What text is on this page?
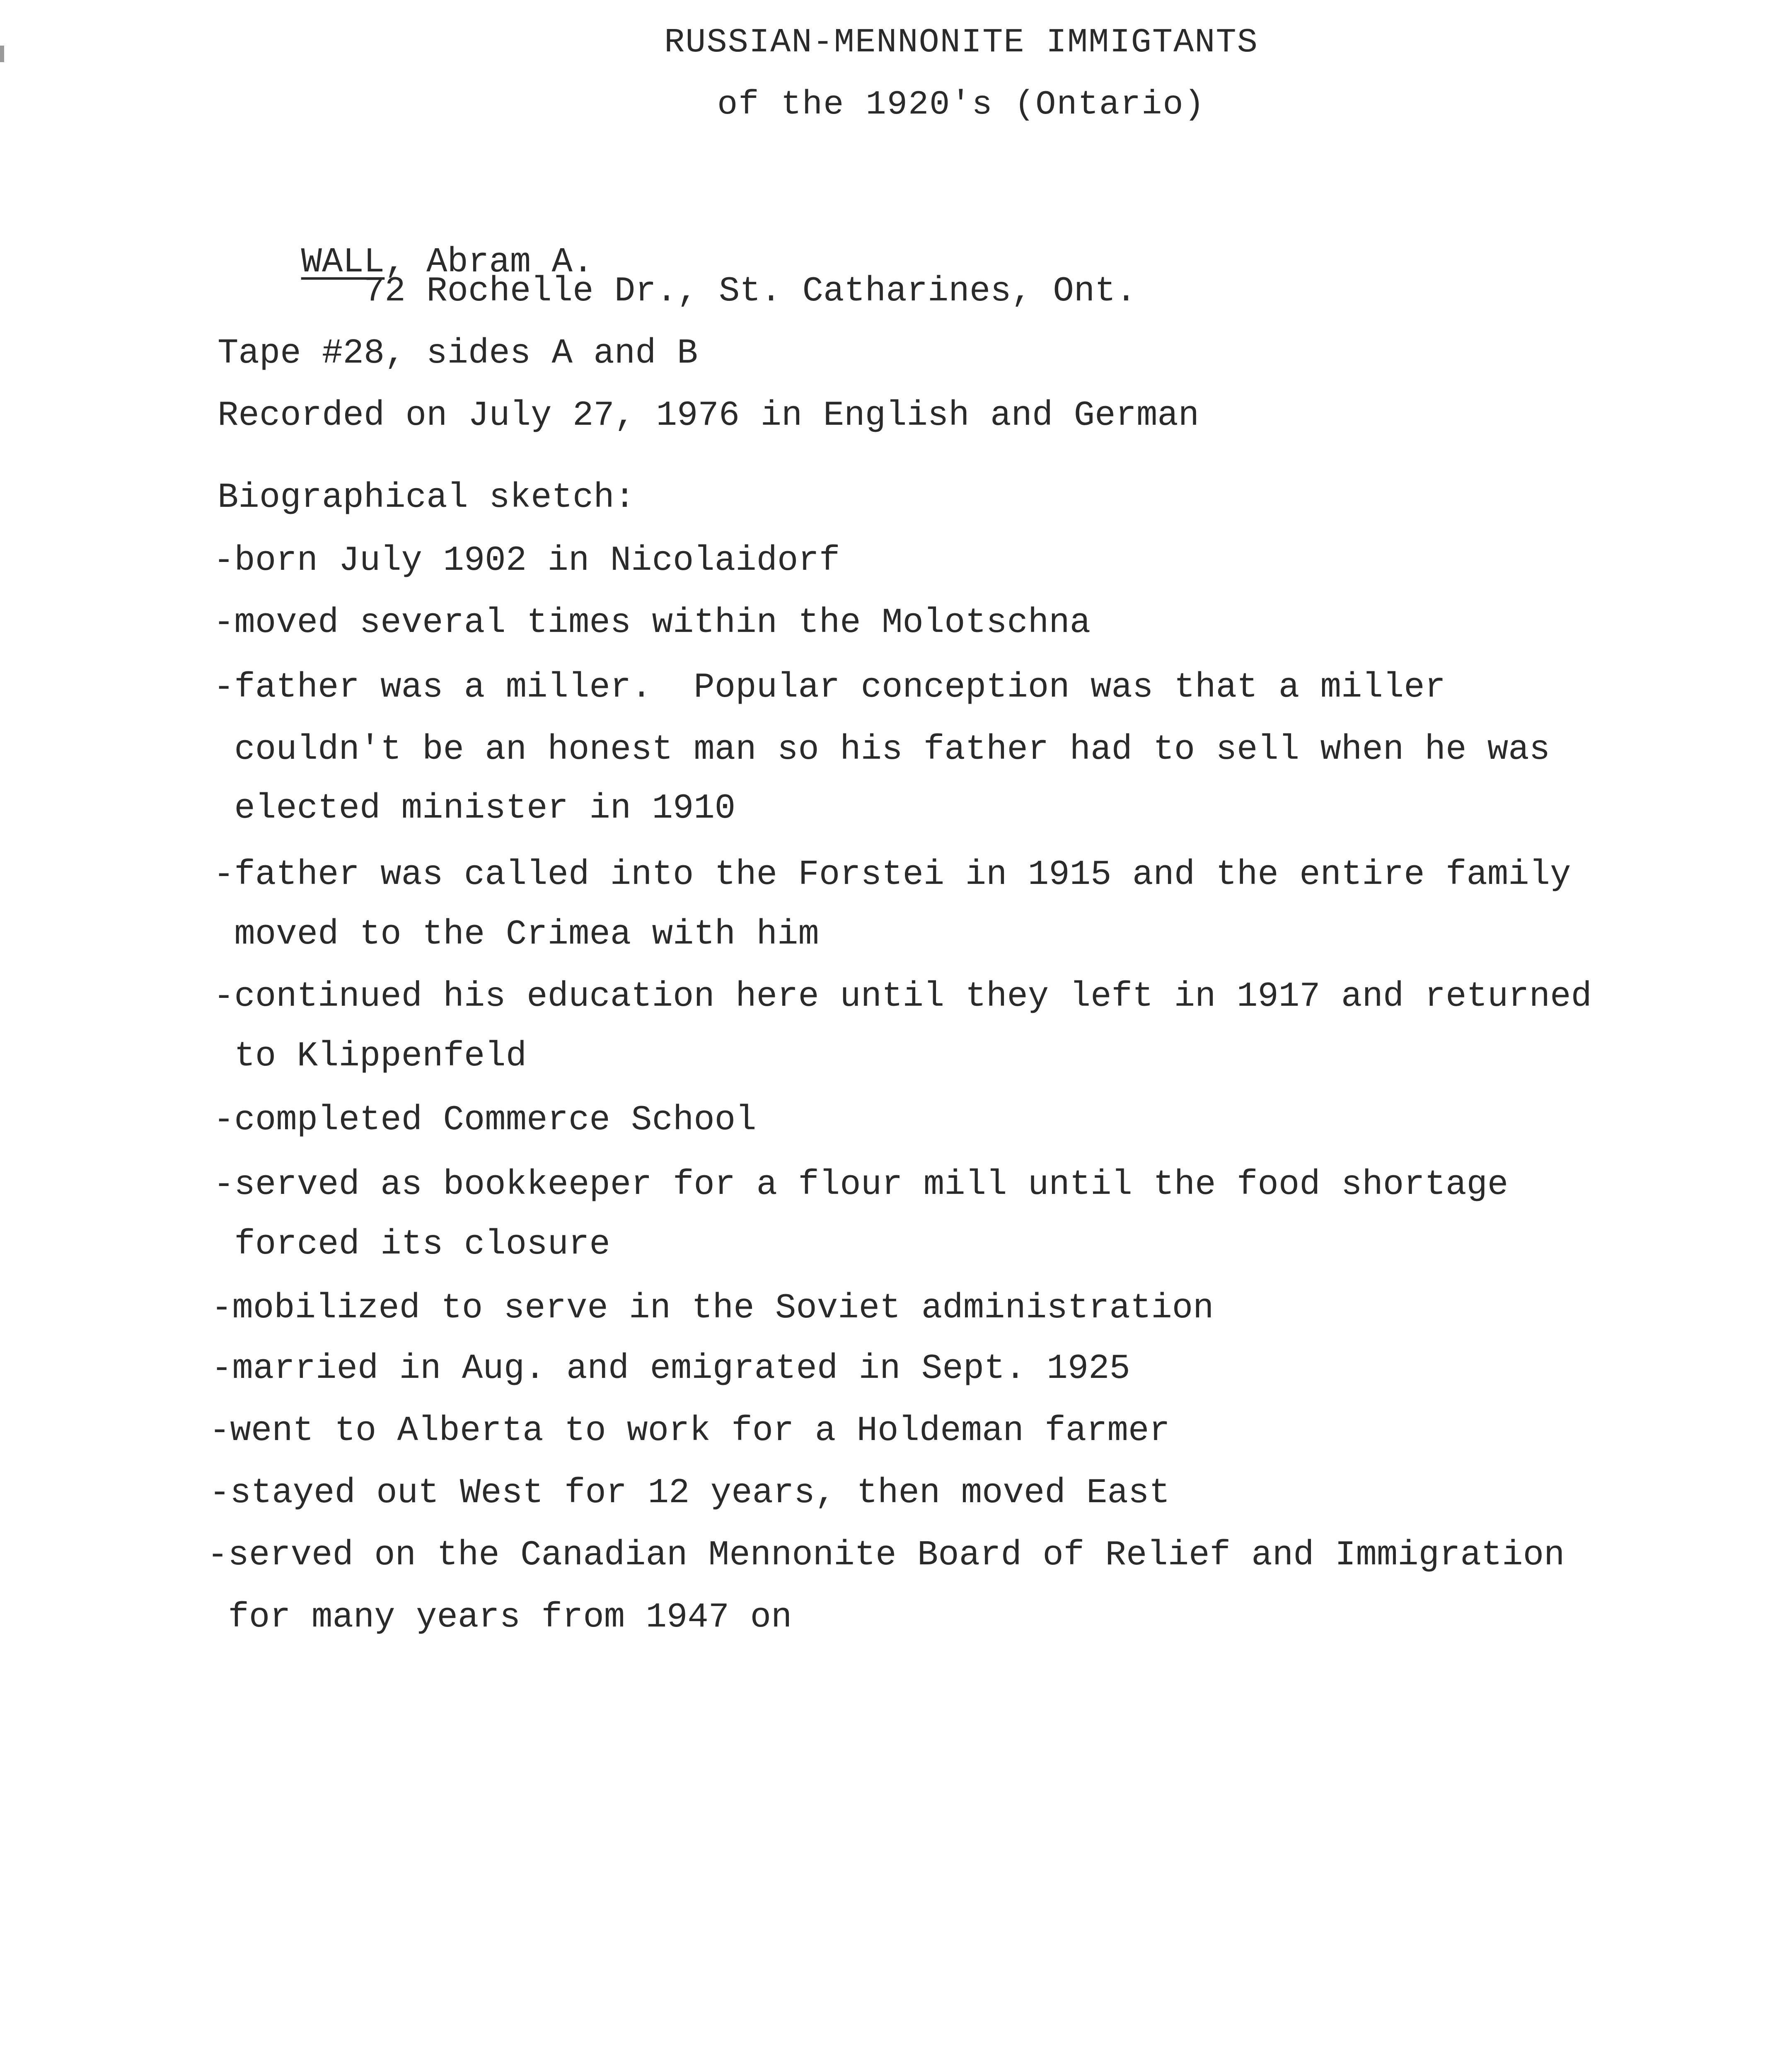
RUSSIAN-MENNONITE IMMIGTANTS
of the 1920's (Ontario)

WALL, Abram A.

72 Rochelle Dr., St. Catharines, Ont.
Tape #28, sides A and B
Recorded on July 27, 1976 in English and German
Biographical sketch:
-born July 1902 in Nicolaidorf
-moved several times within the Molotschna
-father was a miller.  Popular conception was that a miller
couldn't be an honest man so his father had to sell when he was
elected minister in 1910
-father was called into the Forstei in 1915 and the entire family
moved to the Crimea with him
-continued his education here until they left in 1917 and returned
to Klippenfeld
-completed Commerce School
-served as bookkeeper for a flour mill until the food shortage
forced its closure
-mobilized to serve in the Soviet administration
-married in Aug. and emigrated in Sept. 1925
-went to Alberta to work for a Holdeman farmer
-stayed out West for 12 years, then moved East
-served on the Canadian Mennonite Board of Relief and Immigration
for many years from 1947 on
